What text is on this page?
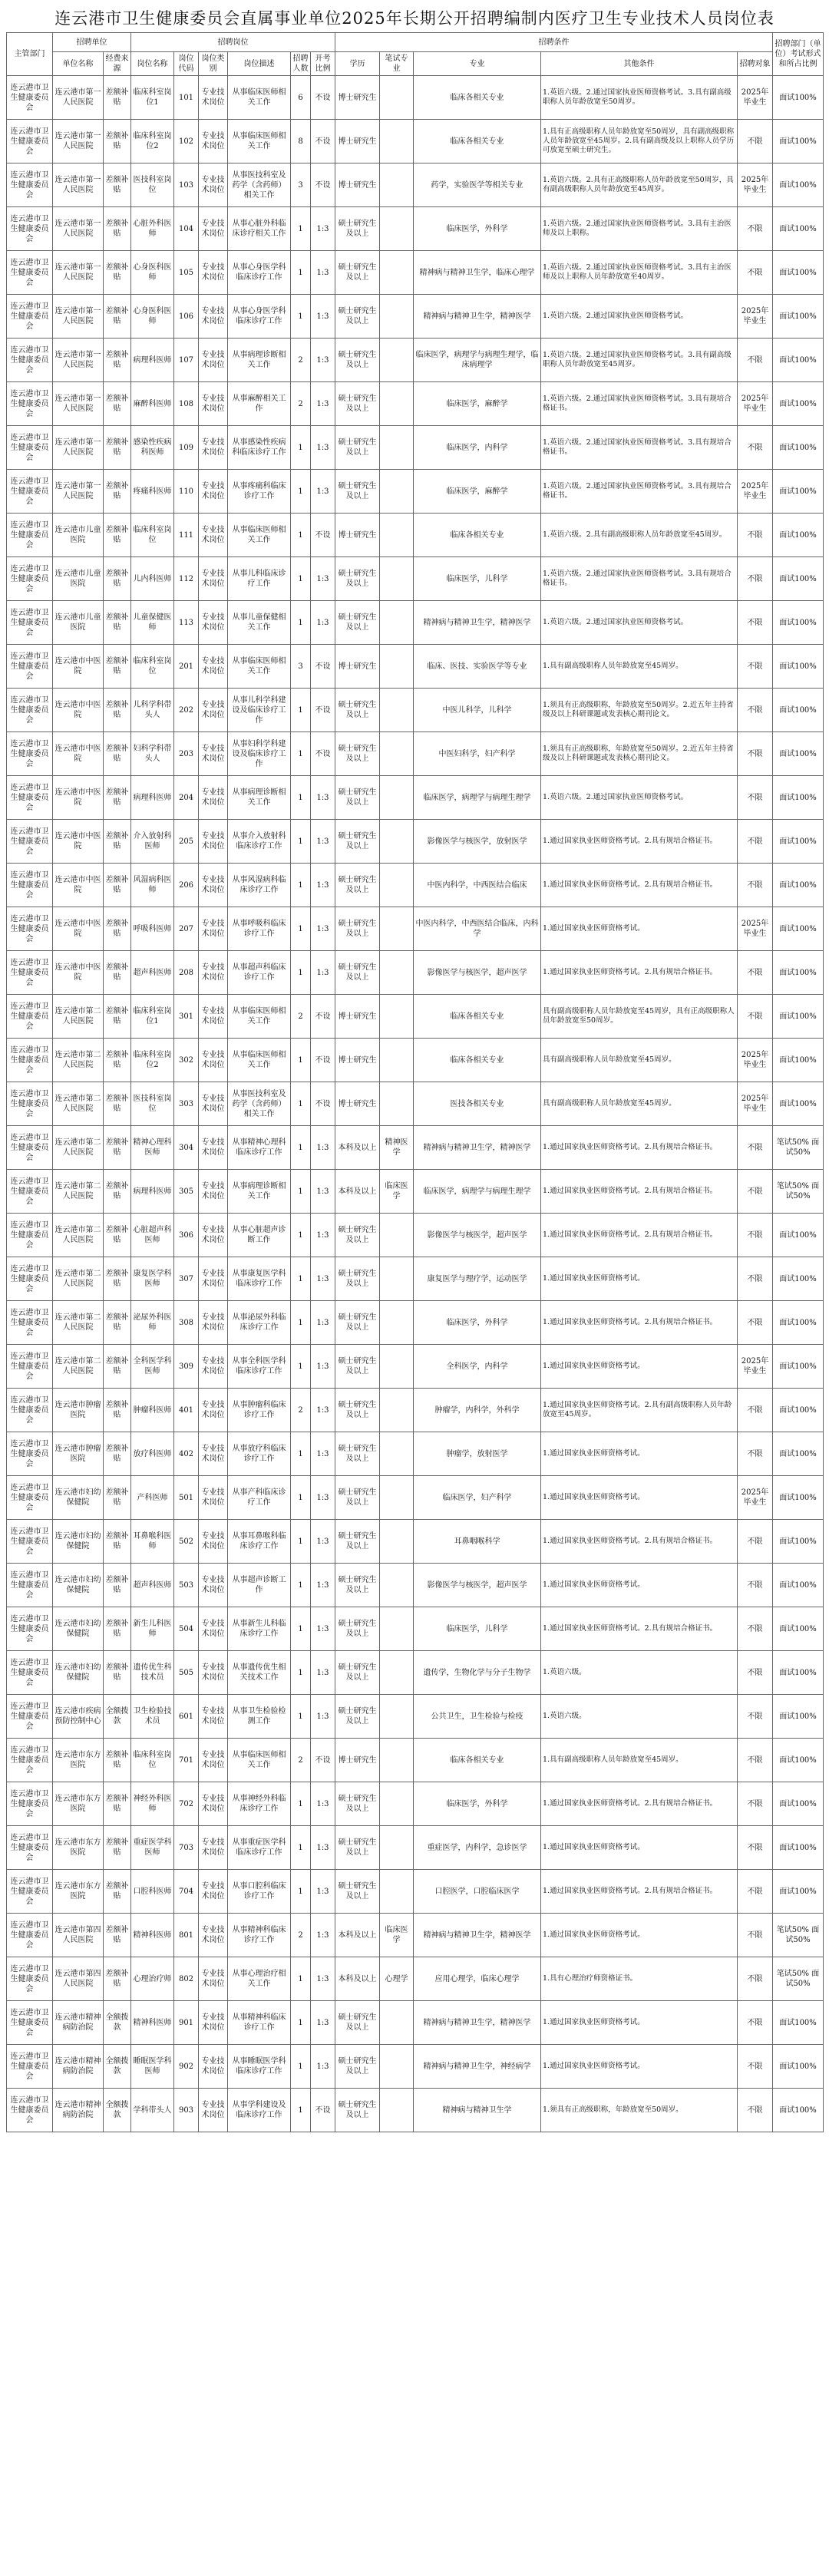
连云港市卫生健康委员会直属事业单位2025年长期公开招聘编制内医疗卫生专业技术人员岗位表
主管部门	招聘单位		招聘岗位						招聘条件					招聘部门（单位）考试形式和所占比例
	单位名称	经费来源	岗位名称	岗位代码	岗位类别	岗位描述	招聘人数	开考比例	学历	笔试专业	专业	其他条件	招聘对象	
连云港市卫生健康委员会	连云港市第一人民医院	差额补贴	临床科室岗位1	101	专业技术岗位	从事临床医师相关工作	6	不设	博士研究生		临床各相关专业	1.英语六级。2.通过国家执业医师资格考试。3.具有副高级职称人员年龄放宽至50周岁。	2025年毕业生	面试100%
连云港市卫生健康委员会	连云港市第一人民医院	差额补贴	临床科室岗位2	102	专业技术岗位	从事临床医师相关工作	8	不设	博士研究生		临床各相关专业	1.具有正高级职称人员年龄放宽至50周岁，具有副高级职称人员年龄放宽至45周岁。2.具有副高级及以上职称人员学历可放宽至硕士研究生。	不限	面试100%
连云港市卫生健康委员会	连云港市第一人民医院	差额补贴	医技科室岗位	103	专业技术岗位	从事医技科室及药学（含药师）相关工作	3	不设	博士研究生		药学，实验医学等相关专业	1.英语六级。2.具有正高级职称人员年龄放宽至50周岁，具有副高级职称人员年龄放宽至45周岁。	2025年毕业生	面试100%
连云港市卫生健康委员会	连云港市第一人民医院	差额补贴	心脏外科医师	104	专业技术岗位	从事心脏外科临床诊疗相关工作	1	1:3	硕士研究生及以上		临床医学，外科学	1.英语六级。2.通过国家执业医师资格考试。3.具有主治医师及以上职称。	不限	面试100%
连云港市卫生健康委员会	连云港市第一人民医院	差额补贴	心身医科医师	105	专业技术岗位	从事心身医学科临床诊疗工作	1	1:3	硕士研究生及以上		精神病与精神卫生学，临床心理学	1.英语六级。2.通过国家执业医师资格考试。3.具有主治医师及以上职称人员年龄放宽至40周岁。	不限	面试100%
连云港市卫生健康委员会	连云港市第一人民医院	差额补贴	心身医科医师	106	专业技术岗位	从事心身医学科临床诊疗工作	1	1:3	硕士研究生及以上		精神病与精神卫生学，精神医学	1.英语六级。2.通过国家执业医师资格考试。	2025年毕业生	面试100%
连云港市卫生健康委员会	连云港市第一人民医院	差额补贴	病理科医师	107	专业技术岗位	从事病理诊断相关工作	2	1:3	硕士研究生及以上		临床医学，病理学与病理生理学，临床病理学	1.英语六级。2.通过国家执业医师资格考试。3.具有副高级职称人员年龄放宽至45周岁。	不限	面试100%
连云港市卫生健康委员会	连云港市第一人民医院	差额补贴	麻醉科医师	108	专业技术岗位	从事麻醉相关工作	2	1:3	硕士研究生及以上		临床医学，麻醉学	1.英语六级。2.通过国家执业医师资格考试。3.具有规培合格证书。	2025年毕业生	面试100%
连云港市卫生健康委员会	连云港市第一人民医院	差额补贴	感染性疾病科医师	109	专业技术岗位	从事感染性疾病科临床诊疗工作	1	1:3	硕士研究生及以上		临床医学，内科学	1.英语六级。2.通过国家执业医师资格考试。3.具有规培合格证书。	不限	面试100%
连云港市卫生健康委员会	连云港市第一人民医院	差额补贴	疼痛科医师	110	专业技术岗位	从事疼痛科临床诊疗工作	1	1:3	硕士研究生及以上		临床医学，麻醉学	1.英语六级。2.通过国家执业医师资格考试。3.具有规培合格证书。	2025年毕业生	面试100%
连云港市卫生健康委员会	连云港市儿童医院	差额补贴	临床科室岗位	111	专业技术岗位	从事临床医师相关工作	1	不设	博士研究生		临床各相关专业	1.英语六级。2.具有副高级职称人员年龄放宽至45周岁。	不限	面试100%
连云港市卫生健康委员会	连云港市儿童医院	差额补贴	儿内科医师	112	专业技术岗位	从事儿科临床诊疗工作	1	1:3	硕士研究生及以上		临床医学，儿科学	1.英语六级。2.通过国家执业医师资格考试。3.具有规培合格证书。	不限	面试100%
连云港市卫生健康委员会	连云港市儿童医院	差额补贴	儿童保健医师	113	专业技术岗位	从事儿童保健相关工作	1	1:3	硕士研究生及以上		精神病与精神卫生学，精神医学	1.英语六级。2.通过国家执业医师资格考试。	不限	面试100%
连云港市卫生健康委员会	连云港市中医院	差额补贴	临床科室岗位	201	专业技术岗位	从事临床医师相关工作	3	不设	博士研究生		临床、医技、实验医学等专业	1.具有副高级职称人员年龄放宽至45周岁。	不限	面试100%
连云港市卫生健康委员会	连云港市中医院	差额补贴	儿科学科带头人	202	专业技术岗位	从事儿科学科建设及临床诊疗工作	1	不设	硕士研究生及以上		中医儿科学，儿科学	1.须具有正高级职称，年龄放宽至50周岁。2.近五年主持省级及以上科研课题或发表核心期刊论文。	不限	面试100%
连云港市卫生健康委员会	连云港市中医院	差额补贴	妇科学科带头人	203	专业技术岗位	从事妇科学科建设及临床诊疗工作	1	不设	硕士研究生及以上		中医妇科学，妇产科学	1.须具有正高级职称，年龄放宽至50周岁。2.近五年主持省级及以上科研课题或发表核心期刊论文。	不限	面试100%
连云港市卫生健康委员会	连云港市中医院	差额补贴	病理科医师	204	专业技术岗位	从事病理诊断相关工作	1	1:3	硕士研究生及以上		临床医学，病理学与病理生理学	1.英语六级。2.通过国家执业医师资格考试。	不限	面试100%
连云港市卫生健康委员会	连云港市中医院	差额补贴	介入放射科医师	205	专业技术岗位	从事介入放射科临床诊疗工作	1	1:3	硕士研究生及以上		影像医学与核医学，放射医学	1.通过国家执业医师资格考试。2.具有规培合格证书。	不限	面试100%
连云港市卫生健康委员会	连云港市中医院	差额补贴	风湿病科医师	206	专业技术岗位	从事风湿病科临床诊疗工作	1	1:3	硕士研究生及以上		中医内科学，中西医结合临床	1.通过国家执业医师资格考试。2.具有规培合格证书。	不限	面试100%
连云港市卫生健康委员会	连云港市中医院	差额补贴	呼吸科医师	207	专业技术岗位	从事呼吸科临床诊疗工作	1	1:3	硕士研究生及以上		中医内科学，中西医结合临床，内科学	1.通过国家执业医师资格考试。	2025年毕业生	面试100%
连云港市卫生健康委员会	连云港市中医院	差额补贴	超声科医师	208	专业技术岗位	从事超声科临床诊疗工作	1	1:3	硕士研究生及以上		影像医学与核医学，超声医学	1.通过国家执业医师资格考试。2.具有规培合格证书。	不限	面试100%
连云港市卫生健康委员会	连云港市第二人民医院	差额补贴	临床科室岗位1	301	专业技术岗位	从事临床医师相关工作	2	不设	博士研究生		临床各相关专业	具有副高级职称人员年龄放宽至45周岁，具有正高级职称人员年龄放宽至50周岁。	不限	面试100%
连云港市卫生健康委员会	连云港市第二人民医院	差额补贴	临床科室岗位2	302	专业技术岗位	从事临床医师相关工作	1	不设	博士研究生		临床各相关专业	具有副高级职称人员年龄放宽至45周岁。	2025年毕业生	面试100%
连云港市卫生健康委员会	连云港市第二人民医院	差额补贴	医技科室岗位	303	专业技术岗位	从事医技科室及药学（含药师）相关工作	1	不设	博士研究生		医技各相关专业	具有副高级职称人员年龄放宽至45周岁。	2025年毕业生	面试100%
连云港市卫生健康委员会	连云港市第二人民医院	差额补贴	精神心理科医师	304	专业技术岗位	从事精神心理科临床诊疗工作	1	1:3	本科及以上	精神医学	精神病与精神卫生学，精神医学	1.通过国家执业医师资格考试。2.具有规培合格证书。	不限	笔试50% 面试50%
连云港市卫生健康委员会	连云港市第二人民医院	差额补贴	病理科医师	305	专业技术岗位	从事病理诊断相关工作	1	1:3	本科及以上	临床医学	临床医学，病理学与病理生理学	1.通过国家执业医师资格考试。2.具有规培合格证书。	不限	笔试50% 面试50%
连云港市卫生健康委员会	连云港市第二人民医院	差额补贴	心脏超声科医师	306	专业技术岗位	从事心脏超声诊断工作	1	1:3	硕士研究生及以上		影像医学与核医学，超声医学	1.通过国家执业医师资格考试。2.具有规培合格证书。	不限	面试100%
连云港市卫生健康委员会	连云港市第二人民医院	差额补贴	康复医学科医师	307	专业技术岗位	从事康复医学科临床诊疗工作	1	1:3	硕士研究生及以上		康复医学与理疗学，运动医学	1.通过国家执业医师资格考试。	不限	面试100%
连云港市卫生健康委员会	连云港市第二人民医院	差额补贴	泌尿外科医师	308	专业技术岗位	从事泌尿外科临床诊疗工作	1	1:3	硕士研究生及以上		临床医学，外科学	1.通过国家执业医师资格考试。2.具有规培合格证书。	不限	面试100%
连云港市卫生健康委员会	连云港市第二人民医院	差额补贴	全科医学科医师	309	专业技术岗位	从事全科医学科临床诊疗工作	1	1:3	硕士研究生及以上		全科医学，内科学	1.通过国家执业医师资格考试。	2025年毕业生	面试100%
连云港市卫生健康委员会	连云港市肿瘤医院	差额补贴	肿瘤科医师	401	专业技术岗位	从事肿瘤科临床诊疗工作	2	1:3	硕士研究生及以上		肿瘤学，内科学，外科学	1.通过国家执业医师资格考试。2.具有副高级职称人员年龄放宽至45周岁。	不限	面试100%
连云港市卫生健康委员会	连云港市肿瘤医院	差额补贴	放疗科医师	402	专业技术岗位	从事放疗科临床诊疗工作	1	1:3	硕士研究生及以上		肿瘤学，放射医学	1.通过国家执业医师资格考试。	不限	面试100%
连云港市卫生健康委员会	连云港市妇幼保健院	差额补贴	产科医师	501	专业技术岗位	从事产科临床诊疗工作	1	1:3	硕士研究生及以上		临床医学，妇产科学	1.通过国家执业医师资格考试。	2025年毕业生	面试100%
连云港市卫生健康委员会	连云港市妇幼保健院	差额补贴	耳鼻喉科医师	502	专业技术岗位	从事耳鼻喉科临床诊疗工作	1	1:3	硕士研究生及以上		耳鼻咽喉科学	1.通过国家执业医师资格考试。2.具有规培合格证书。	不限	面试100%
连云港市卫生健康委员会	连云港市妇幼保健院	差额补贴	超声科医师	503	专业技术岗位	从事超声诊断工作	1	1:3	硕士研究生及以上		影像医学与核医学，超声医学	1.通过国家执业医师资格考试。	不限	面试100%
连云港市卫生健康委员会	连云港市妇幼保健院	差额补贴	新生儿科医师	504	专业技术岗位	从事新生儿科临床诊疗工作	1	1:3	硕士研究生及以上		临床医学，儿科学	1.通过国家执业医师资格考试。2.具有规培合格证书。	不限	面试100%
连云港市卫生健康委员会	连云港市妇幼保健院	差额补贴	遗传优生科技术员	505	专业技术岗位	从事遗传优生相关技术工作	1	1:3	硕士研究生及以上		遗传学，生物化学与分子生物学	1.英语六级。	不限	面试100%
连云港市卫生健康委员会	连云港市疾病预防控制中心	全额拨款	卫生检验技术员	601	专业技术岗位	从事卫生检验检测工作	1	1:3	硕士研究生及以上		公共卫生，卫生检验与检疫	1.英语六级。	不限	面试100%
连云港市卫生健康委员会	连云港市东方医院	差额补贴	临床科室岗位	701	专业技术岗位	从事临床医师相关工作	2	不设	博士研究生		临床各相关专业	1.具有副高级职称人员年龄放宽至45周岁。	不限	面试100%
连云港市卫生健康委员会	连云港市东方医院	差额补贴	神经外科医师	702	专业技术岗位	从事神经外科临床诊疗工作	1	1:3	硕士研究生及以上		临床医学，外科学	1.通过国家执业医师资格考试。2.具有规培合格证书。	不限	面试100%
连云港市卫生健康委员会	连云港市东方医院	差额补贴	重症医学科医师	703	专业技术岗位	从事重症医学科临床诊疗工作	1	1:3	硕士研究生及以上		重症医学，内科学，急诊医学	1.通过国家执业医师资格考试。	不限	面试100%
连云港市卫生健康委员会	连云港市东方医院	差额补贴	口腔科医师	704	专业技术岗位	从事口腔科临床诊疗工作	1	1:3	硕士研究生及以上		口腔医学，口腔临床医学	1.通过国家执业医师资格考试。2.具有规培合格证书。	不限	面试100%
连云港市卫生健康委员会	连云港市第四人民医院	差额补贴	精神科医师	801	专业技术岗位	从事精神科临床诊疗工作	2	1:3	本科及以上	临床医学	精神病与精神卫生学，精神医学	1.通过国家执业医师资格考试。	不限	笔试50% 面试50%
连云港市卫生健康委员会	连云港市第四人民医院	差额补贴	心理治疗师	802	专业技术岗位	从事心理治疗相关工作	1	1:3	本科及以上	心理学	应用心理学，临床心理学	1.具有心理治疗师资格证书。	不限	笔试50% 面试50%
连云港市卫生健康委员会	连云港市精神病防治院	全额拨款	精神科医师	901	专业技术岗位	从事精神科临床诊疗工作	1	1:3	硕士研究生及以上		精神病与精神卫生学，精神医学	1.通过国家执业医师资格考试。	不限	面试100%
连云港市卫生健康委员会	连云港市精神病防治院	全额拨款	睡眠医学科医师	902	专业技术岗位	从事睡眠医学科临床诊疗工作	1	1:3	硕士研究生及以上		精神病与精神卫生学，神经病学	1.通过国家执业医师资格考试。	不限	面试100%
连云港市卫生健康委员会	连云港市精神病防治院	全额拨款	学科带头人	903	专业技术岗位	从事学科建设及临床诊疗工作	1	不设	硕士研究生及以上		精神病与精神卫生学	1.须具有正高级职称，年龄放宽至50周岁。	不限	面试100%
